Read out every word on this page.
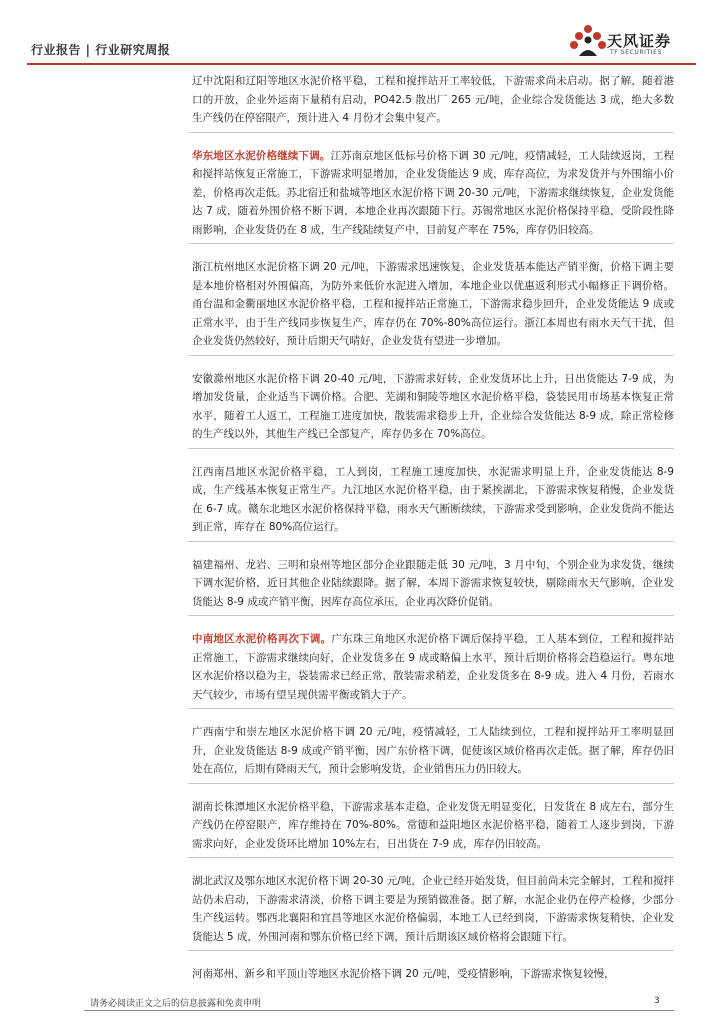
行业报告 | 行业研究周报	天风证券
TF SECURITIES

辽中沈阳和辽阳等地区水泥价格平稳，工程和搅拌站开工率较低，下游需求尚未启动。据了解，随着港口的开放，企业外运南下量稍有启动，PO42.5 散出厂 265 元/吨，企业综合发货能达 3 成，绝大多数生产线仍在停窑限产，预计进入 4 月份才会集中复产。

华东地区水泥价格继续下调。江苏南京地区低标号价格下调 30 元/吨，疫情减轻，工人陆续返岗，工程和搅拌站恢复正常施工，下游需求明显增加，企业发货能达 9 成，库存高位，为求发货并与外围缩小价差，价格再次走低。苏北宿迁和盐城等地区水泥价格下调 20-30 元/吨，下游需求继续恢复，企业发货能达 7 成，随着外围价格不断下调，本地企业再次跟随下行。苏锡常地区水泥价格保持平稳，受阶段性降雨影响，企业发货仍在 8 成，生产线陆续复产中，目前复产率在 75%，库存仍旧较高。

浙江杭州地区水泥价格下调 20 元/吨，下游需求迅速恢复，企业发货基本能达产销平衡，价格下调主要是本地价格相对外围偏高，为防外来低价水泥进入增加，本地企业以优惠返利形式小幅修正下调价格。甬台温和金衢丽地区水泥价格平稳，工程和搅拌站正常施工，下游需求稳步回升，企业发货能达 9 成或正常水平，由于生产线同步恢复生产，库存仍在 70%-80%高位运行。浙江本周也有雨水天气干扰，但企业发货仍然较好，预计后期天气晴好，企业发货有望进一步增加。

安徽滁州地区水泥价格下调 20-40 元/吨，下游需求好转，企业发货环比上升，日出货能达 7-9 成，为增加发货量，企业适当下调价格。合肥、芜湖和铜陵等地区水泥价格平稳，袋装民用市场基本恢复正常水平，随着工人返工，工程施工进度加快，散装需求稳步上升，企业综合发货能达 8-9 成，除正常检修的生产线以外，其他生产线已全部复产，库存仍多在 70%高位。

江西南昌地区水泥价格平稳，工人到岗，工程施工速度加快，水泥需求明显上升，企业发货能达 8-9 成，生产线基本恢复正常生产。九江地区水泥价格平稳，由于紧挨湖北，下游需求恢复稍慢，企业发货在 6-7 成。赣东北地区水泥价格保持平稳，雨水天气断断续续，下游需求受到影响，企业发货尚不能达到正常，库存在 80%高位运行。

福建福州、龙岩、三明和泉州等地区部分企业跟随走低 30 元/吨，3 月中旬，个别企业为求发货，继续下调水泥价格，近日其他企业陆续跟降。据了解，本周下游需求恢复较快，剔除雨水天气影响，企业发货能达 8-9 成或产销平衡，因库存高位承压，企业再次降价促销。

中南地区水泥价格再次下调。广东珠三角地区水泥价格下调后保持平稳，工人基本到位，工程和搅拌站正常施工，下游需求继续向好，企业发货多在 9 成或略偏上水平，预计后期价格将会趋稳运行。粤东地区水泥价格以稳为主，袋装需求已经正常，散装需求稍差，企业发货多在 8-9 成。进入 4 月份，若雨水天气较少，市场有望呈现供需平衡或销大于产。

广西南宁和崇左地区水泥价格下调 20 元/吨，疫情减轻，工人陆续到位，工程和搅拌站开工率明显回升，企业发货能达 8-9 成或产销平衡，因广东价格下调，促使该区域价格再次走低。据了解，库存仍旧处在高位，后期有降雨天气，预计会影响发货，企业销售压力仍旧较大。

湖南长株潭地区水泥价格平稳，下游需求基本走稳，企业发货无明显变化，日发货在 8 成左右，部分生产线仍在停窑限产，库存维持在 70%-80%。常德和益阳地区水泥价格平稳，随着工人逐步到岗，下游需求向好，企业发货环比增加 10%左右，日出货在 7-9 成，库存仍旧较高。

湖北武汉及鄂东地区水泥价格下调 20-30 元/吨，企业已经开始发货，但目前尚未完全解封，工程和搅拌站仍未启动，下游需求清淡，价格下调主要是为预销做准备。据了解，水泥企业仍在停产检修，少部分生产线运转。鄂西北襄阳和宜昌等地区水泥价格偏弱，本地工人已经到岗，下游需求恢复稍快，企业发货能达 5 成，外围河南和鄂东价格已经下调，预计后期该区域价格将会跟随下行。

河南郑州、新乡和平顶山等地区水泥价格下调 20 元/吨，受疫情影响，下游需求恢复较慢，

请务必阅读正文之后的信息披露和免责申明	3
